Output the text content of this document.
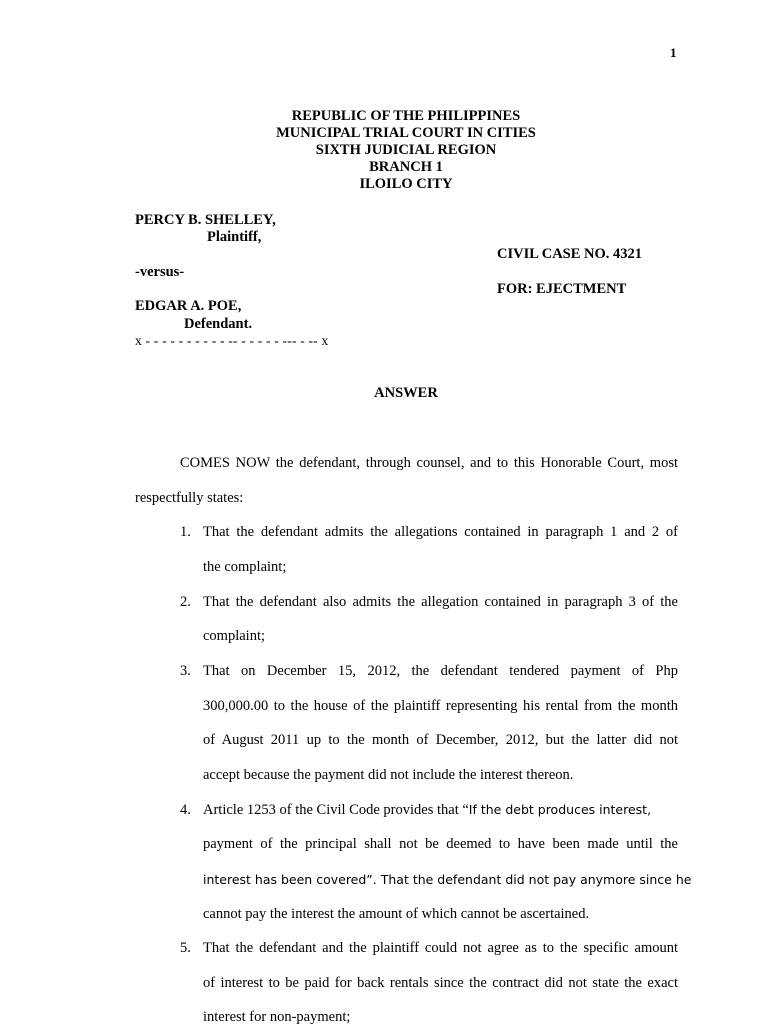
1
REPUBLIC OF THE PHILIPPINES
MUNICIPAL TRIAL COURT IN CITIES
SIXTH JUDICIAL REGION
BRANCH 1
ILOILO CITY
PERCY B. SHELLEY,
Plaintiff,
CIVIL CASE NO. 4321
-versus-
FOR: EJECTMENT
EDGAR A. POE,
Defendant.
x - - - - - - - - - - -- - - - - - --- - -- x
ANSWER
COMES NOW the defendant, through counsel, and to this Honorable Court, most
respectfully states:
1. That the defendant admits the allegations contained in paragraph 1 and 2 of
the complaint;
2. That the defendant also admits the allegation contained in paragraph 3 of the
complaint;
3. That on December 15, 2012, the defendant tendered payment of Php
300,000.00 to the house of the plaintiff representing his rental from the month
of August 2011 up to the month of December, 2012, but the latter did not
accept because the payment did not include the interest thereon.
4. Article 1253 of the Civil Code provides that “If the debt produces interest,
payment of the principal shall not be deemed to have been made until the
interest has been covered”. That the defendant did not pay anymore since he
cannot pay the interest the amount of which cannot be ascertained.
5. That the defendant and the plaintiff could not agree as to the specific amount
of interest to be paid for back rentals since the contract did not state the exact
interest for non-payment;
